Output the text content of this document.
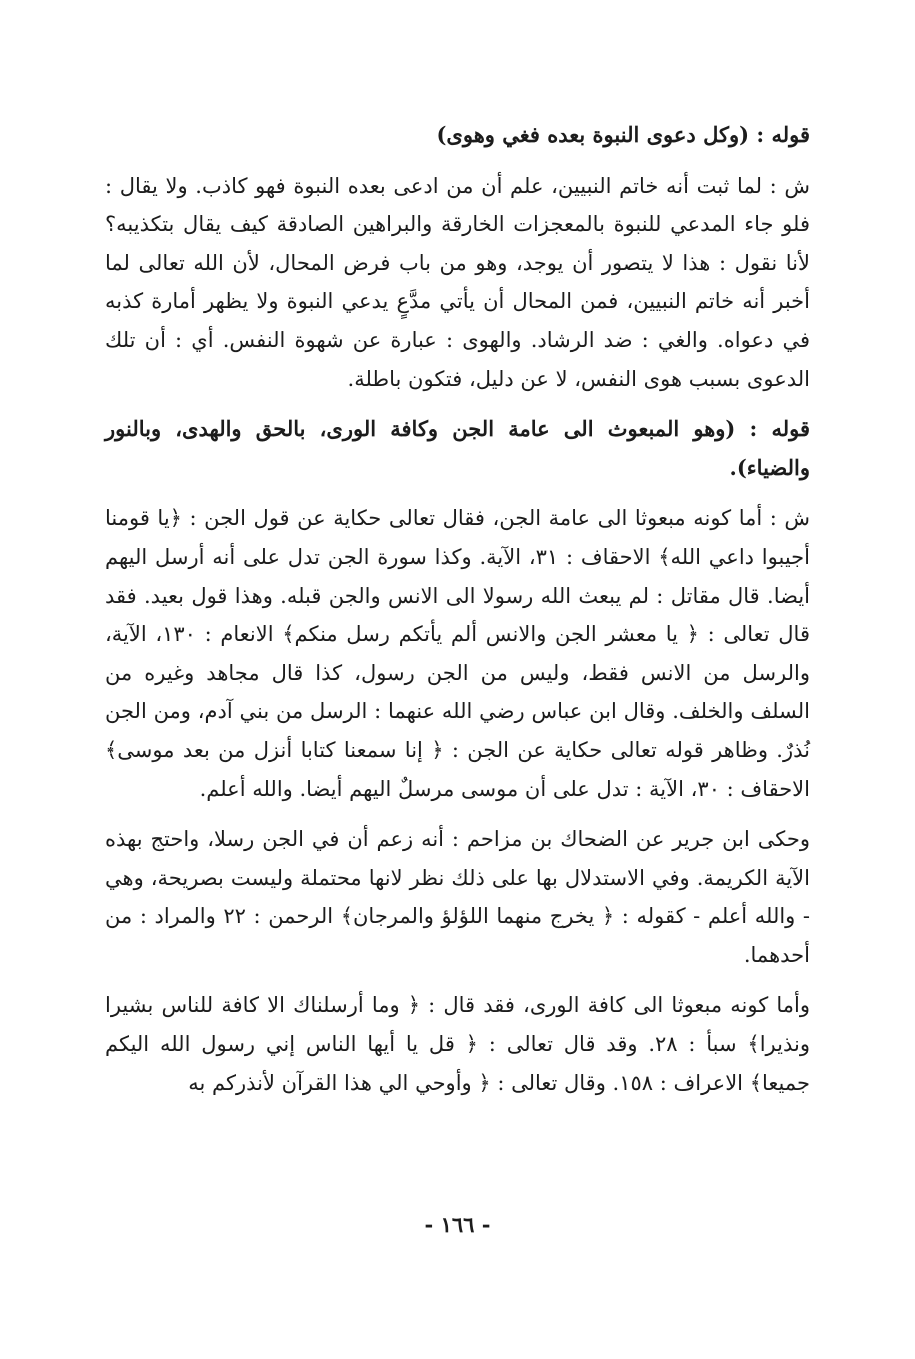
قوله : (وكل دعوى النبوة بعده فغي وهوى)

ش : لما ثبت أنه خاتم النبيين، علم أن من ادعى بعده النبوة فهو كاذب. ولا يقال : فلو جاء المدعي للنبوة بالمعجزات الخارقة والبراهين الصادقة كيف يقال بتكذيبه؟ لأنا نقول : هذا لا يتصور أن يوجد، وهو من باب فرض المحال، لأن الله تعالى لما أخبر أنه خاتم النبيين، فمن المحال أن يأتي مدَّعٍ يدعي النبوة ولا يظهر أمارة كذبه في دعواه. والغي : ضد الرشاد. والهوى : عبارة عن شهوة النفس. أي : أن تلك الدعوى بسبب هوى النفس، لا عن دليل، فتكون باطلة.

قوله : (وهو المبعوث الى عامة الجن وكافة الورى، بالحق والهدى، وبالنور والضياء).

ش : أما كونه مبعوثا الى عامة الجن، فقال تعالى حكاية عن قول الجن : ﴿يا قومنا أجيبوا داعي الله﴾ الاحقاف : ٣١، الآية. وكذا سورة الجن تدل على أنه أرسل اليهم أيضا. قال مقاتل : لم يبعث الله رسولا الى الانس والجن قبله. وهذا قول بعيد. فقد قال تعالى : ﴿ يا معشر الجن والانس ألم يأتكم رسل منكم﴾ الانعام : ١٣٠، الآية، والرسل من الانس فقط، وليس من الجن رسول، كذا قال مجاهد وغيره من السلف والخلف. وقال ابن عباس رضي الله عنهما : الرسل من بني آدم، ومن الجن نُذرٌ. وظاهر قوله تعالى حكاية عن الجن : ﴿ إنا سمعنا كتابا أنزل من بعد موسى﴾ الاحقاف : ٣٠، الآية : تدل على أن موسى مرسلٌ اليهم أيضا. والله أعلم.

وحكى ابن جرير عن الضحاك بن مزاحم : أنه زعم أن في الجن رسلا، واحتج بهذه الآية الكريمة. وفي الاستدلال بها على ذلك نظر لانها محتملة وليست بصريحة، وهي - والله أعلم - كقوله : ﴿ يخرج منهما اللؤلؤ والمرجان﴾ الرحمن : ٢٢ والمراد : من أحدهما.

وأما كونه مبعوثا الى كافة الورى، فقد قال : ﴿ وما أرسلناك الا كافة للناس بشيرا ونذيرا﴾ سبأ : ٢٨. وقد قال تعالى : ﴿ قل يا أيها الناس إني رسول الله اليكم جميعا﴾ الاعراف : ١٥٨. وقال تعالى : ﴿ وأوحي الي هذا القرآن لأنذركم به

- ١٦٦ -
